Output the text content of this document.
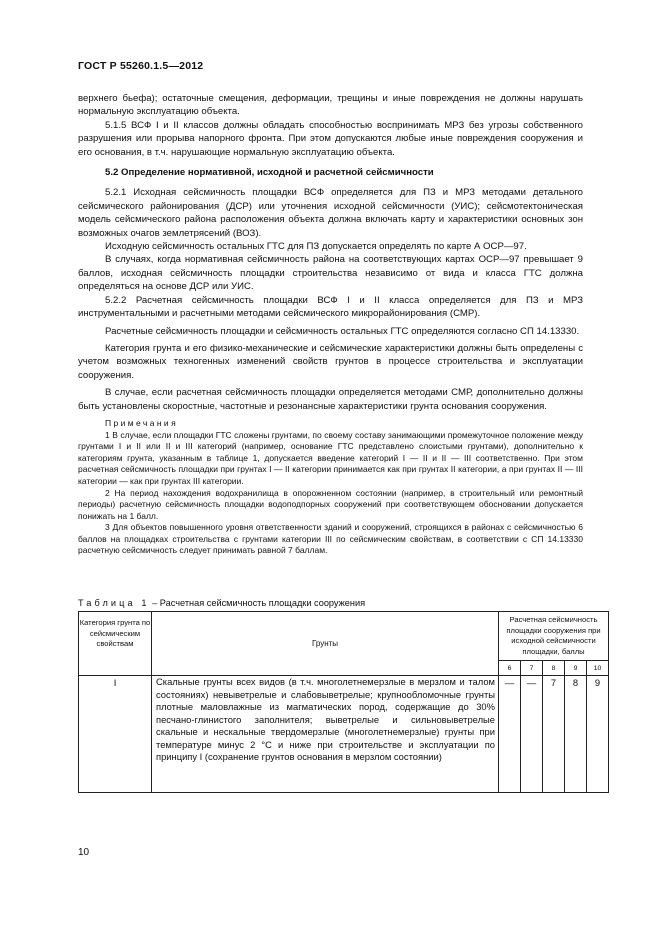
ГОСТ Р 55260.1.5—2012

верхнего бьефа); остаточные смещения, деформации, трещины и иные повреждения не должны нарушать нормальную эксплуатацию объекта.

5.1.5 ВСФ I и II классов должны обладать способностью воспринимать МРЗ без угрозы собственного разрушения или прорыва напорного фронта. При этом допускаются любые иные повреждения сооружения и его основания, в т.ч. нарушающие нормальную эксплуатацию объекта.

5.2 Определение нормативной, исходной и расчетной сейсмичности

5.2.1 Исходная сейсмичность площадки ВСФ определяется для ПЗ и МРЗ методами детального сейсмического районирования (ДСР) или уточнения исходной сейсмичности (УИС); сейсмотектоническая модель сейсмического района расположения объекта должна включать карту и характеристики основных зон возможных очагов землетрясений (ВОЗ).

Исходную сейсмичность остальных ГТС для ПЗ допускается определять по карте А ОСР—97.

В случаях, когда нормативная сейсмичность района на соответствующих картах ОСР—97 превышает 9 баллов, исходная сейсмичность площадки строительства независимо от вида и класса ГТС должна определяться на основе ДСР или УИС.

5.2.2 Расчетная сейсмичность площадки ВСФ I и II класса определяется для ПЗ и МРЗ инструментальными и расчетными методами сейсмического микрорайонирования (СМР).

Расчетные сейсмичность площадки и сейсмичность остальных ГТС определяются согласно СП 14.13330.

Категория грунта и его физико-механические и сейсмические характеристики должны быть определены с учетом возможных техногенных изменений свойств грунтов в процессе строительства и эксплуатации сооружения.

В случае, если расчетная сейсмичность площадки определяется методами СМР, дополнительно должны быть установлены скоростные, частотные и резонансные характеристики грунта основания сооружения.

Примечания

1 В случае, если площадки ГТС сложены грунтами, по своему составу занимающими промежуточное положение между грунтами I и II или II и III категорий (например, основание ГТС представлено слоистыми грунтами), дополнительно к категориям грунта, указанным в таблице 1, допускается введение категорий I — II и II — III соответственно. При этом расчетная сейсмичность площадки при грунтах I — II категории принимается как при грунтах II категории, а при грунтах II — III категории — как при грунтах III категории.

2 На период нахождения водохранилища в опорожненном состоянии (например, в строительный или ремонтный периоды) расчетную сейсмичность площадки водоподпорных сооружений при соответствующем обосновании допускается понижать на 1 балл.

3 Для объектов повышенного уровня ответственности зданий и сооружений, строящихся в районах с сейсмичностью 6 баллов на площадках строительства с грунтами категории III по сейсмическим свойствам, в соответствии с СП 14.13330 расчетную сейсмичность следует принимать равной 7 баллам.

Таблица 1 – Расчетная сейсмичность площадки сооружения
Категория грунта по сейсмическим свойствам	Грунты	Расчетная сейсмичность площадки сооружения при исходной сейсмичности площадки, баллы				
		6	7	8	9	10
I	Скальные грунты всех видов (в т.ч. многолетнемерзлые в мерзлом и талом состояниях) невыветрелые и слабовыветрелые; крупнообломочные грунты плотные маловлажные из магматических пород, содержащие до 30% песчано-глинистого заполнителя; выветрелые и сильновыветрелые скальные и нескальные твердомерзлые (многолетнемерзлые) грунты при температуре минус 2 °С и ниже при строительстве и эксплуатации по принципу I (сохранение грунтов основания в мерзлом состоянии)	—	—	7	8	9
10
